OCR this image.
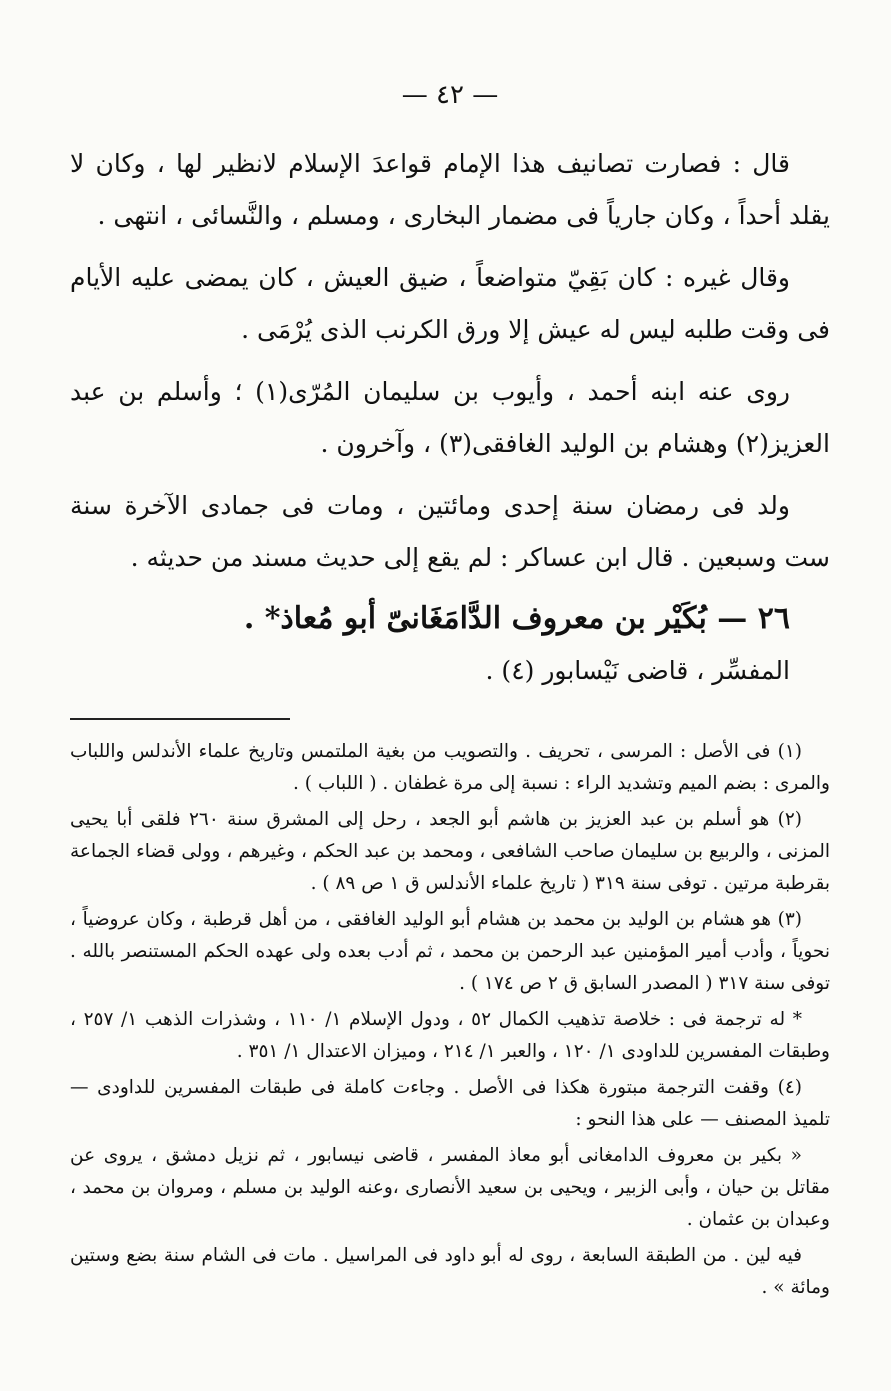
— ٤٢ —

قال : فصارت تصانيف هذا الإمام قواعدَ الإسلام لانظير لها ، وكان لا يقلد أحداً ، وكان جارياً فى مضمار البخارى ، ومسلم ، والنَّسائى ، انتهى .

وقال غيره : كان بَقِيّ متواضعاً ، ضيق العيش ، كان يمضى عليه الأيام فى وقت طلبه ليس له عيش إلا ورق الكرنب الذى يُرْمَى .

روى عنه ابنه أحمد ، وأيوب بن سليمان المُرّى(١) ؛ وأسلم بن عبد العزيز(٢) وهشام بن الوليد الغافقى(٣) ، وآخرون .

ولد فى رمضان سنة إحدى ومائتين ، ومات فى جمادى الآخرة سنة ست وسبعين . قال ابن عساكر : لم يقع إلى حديث مسند من حديثه .

٢٦ — بُكَيْر بن معروف الدَّامَغَانىّ أبو مُعاذ* .

المفسِّر ، قاضى نَيْسابور (٤) .

(١) فى الأصل : المرسى ، تحريف . والتصويب من بغية الملتمس وتاريخ علماء الأندلس واللباب والمرى : بضم الميم وتشديد الراء : نسبة إلى مرة غطفان . ( اللباب ) .

(٢) هو أسلم بن عبد العزيز بن هاشم أبو الجعد ، رحل إلى المشرق سنة ٢٦٠ فلقى أبا يحيى المزنى ، والربيع بن سليمان صاحب الشافعى ، ومحمد بن عبد الحكم ، وغيرهم ، وولى قضاء الجماعة بقرطبة مرتين . توفى سنة ٣١٩ ( تاريخ علماء الأندلس ق ١ ص ٨٩ ) .

(٣) هو هشام بن الوليد بن محمد بن هشام أبو الوليد الغافقى ، من أهل قرطبة ، وكان عروضياً ، نحوياً ، وأدب أمير المؤمنين عبد الرحمن بن محمد ، ثم أدب بعده ولى عهده الحكم المستنصر بالله . توفى سنة ٣١٧ ( المصدر السابق ق ٢ ص ١٧٤ ) .

* له ترجمة فى : خلاصة تذهيب الكمال ٥٢ ، ودول الإسلام ١/ ١١٠ ، وشذرات الذهب ١/ ٢٥٧ ، وطبقات المفسرين للداودى ١/ ١٢٠ ، والعبر ١/ ٢١٤ ، وميزان الاعتدال ١/ ٣٥١ .

(٤) وقفت الترجمة مبتورة هكذا فى الأصل . وجاءت كاملة فى طبقات المفسرين للداودى — تلميذ المصنف — على هذا النحو :

« بكير بن معروف الدامغانى أبو معاذ المفسر ، قاضى نيسابور ، ثم نزيل دمشق ، يروى عن مقاتل بن حيان ، وأبى الزبير ، ويحيى بن سعيد الأنصارى ،وعنه الوليد بن مسلم ، ومروان بن محمد ، وعبدان بن عثمان .

فيه لين . من الطبقة السابعة ، روى له أبو داود فى المراسيل . مات فى الشام سنة بضع وستين ومائة » .
